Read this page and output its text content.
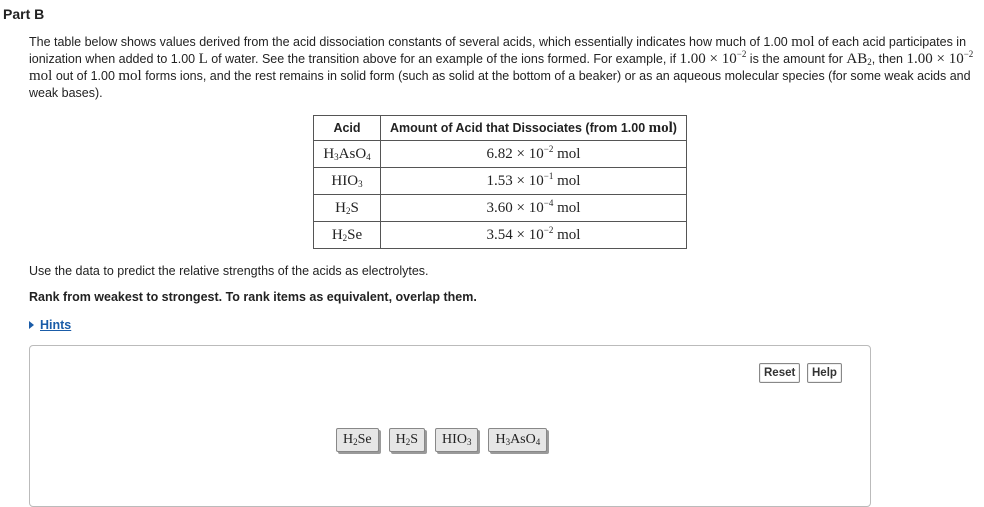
Part B
The table below shows values derived from the acid dissociation constants of several acids, which essentially indicates how much of 1.00 mol of each acid participates in ionization when added to 1.00 L of water. See the transition above for an example of the ions formed. For example, if $1.00 \times 10^{-2}$ is the amount for $AB_2$, then $1.00 \times 10^{-2}$ mol out of 1.00 mol forms ions, and the rest remains in solid form (such as solid at the bottom of a beaker) or as an aqueous molecular species (for some weak acids and weak bases).
Acid	Amount of Acid that Dissociates (from 1.00 mol)
$H_3AsO_4$	$6.82 \times 10^{-2}$ mol
$HIO_3$	$1.53 \times 10^{-1}$ mol
$H_2S$	$3.60 \times 10^{-4}$ mol
$H_2Se$	$3.54 \times 10^{-2}$ mol
Use the data to predict the relative strengths of the acids as electrolytes.
Rank from weakest to strongest. To rank items as equivalent, overlap them.
Hints
Reset	Help
$H_2Se$	$H_2S$	$HIO_3$	$H_3AsO_4$
